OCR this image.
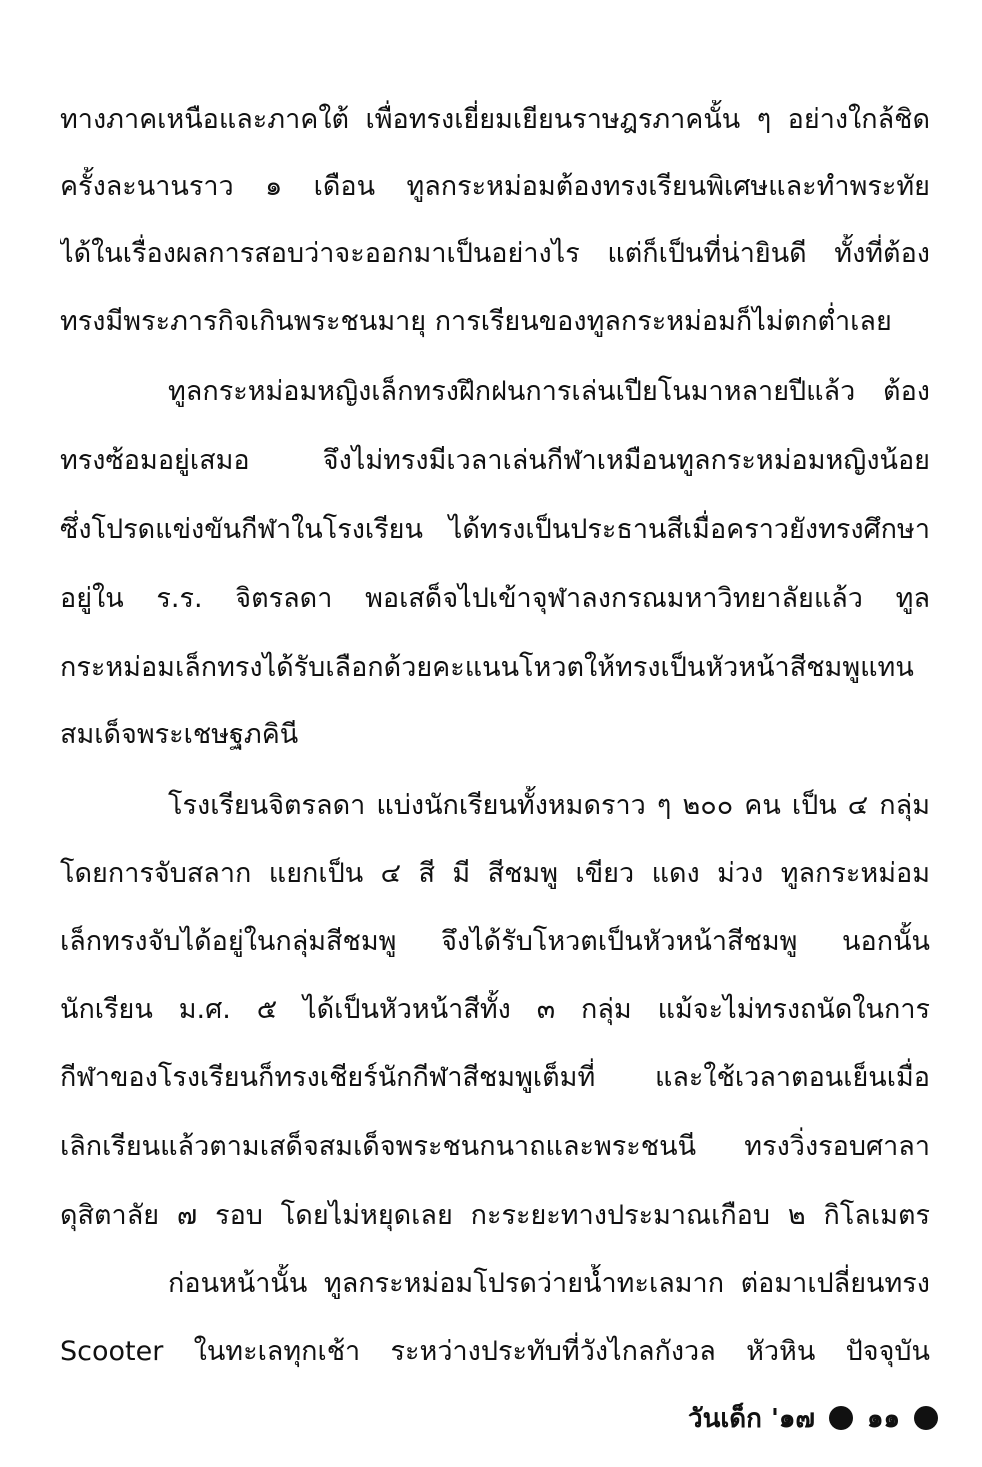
ทางภาคเหนือและภาคใต้ เพื่อทรงเยี่ยมเยียนราษฎรภาคนั้น ๆ อย่างใกล้ชิด
ครั้งละนานราว ๑ เดือน ทูลกระหม่อมต้องทรงเรียนพิเศษและทำพระทัย
ได้ในเรื่องผลการสอบว่าจะออกมาเป็นอย่างไร แต่ก็เป็นที่น่ายินดี ทั้งที่ต้อง
ทรงมีพระภารกิจเกินพระชนมายุ การเรียนของทูลกระหม่อมก็ไม่ตกต่ำเลย
ทูลกระหม่อมหญิงเล็กทรงฝึกฝนการเล่นเปียโนมาหลายปีแล้ว ต้อง
ทรงซ้อมอยู่เสมอ จึงไม่ทรงมีเวลาเล่นกีฬาเหมือนทูลกระหม่อมหญิงน้อย
ซึ่งโปรดแข่งขันกีฬาในโรงเรียน ได้ทรงเป็นประธานสีเมื่อคราวยังทรงศึกษา
อยู่ใน ร.ร. จิตรลดา พอเสด็จไปเข้าจุฬาลงกรณมหาวิทยาลัยแล้ว ทูล
กระหม่อมเล็กทรงได้รับเลือกด้วยคะแนนโหวตให้ทรงเป็นหัวหน้าสีชมพูแทน
สมเด็จพระเชษฐภคินี
โรงเรียนจิตรลดา แบ่งนักเรียนทั้งหมดราว ๆ ๒๐๐ คน เป็น ๔ กลุ่ม
โดยการจับสลาก แยกเป็น ๔ สี มี สีชมพู เขียว แดง ม่วง ทูลกระหม่อม
เล็กทรงจับได้อยู่ในกลุ่มสีชมพู จึงได้รับโหวตเป็นหัวหน้าสีชมพู นอกนั้น
นักเรียน ม.ศ. ๕ ได้เป็นหัวหน้าสีทั้ง ๓ กลุ่ม แม้จะไม่ทรงถนัดในการ
กีฬาของโรงเรียนก็ทรงเชียร์นักกีฬาสีชมพูเต็มที่ และใช้เวลาตอนเย็นเมื่อ
เลิกเรียนแล้วตามเสด็จสมเด็จพระชนกนาถและพระชนนี ทรงวิ่งรอบศาลา
ดุสิตาลัย ๗ รอบ โดยไม่หยุดเลย กะระยะทางประมาณเกือบ ๒ กิโลเมตร
ก่อนหน้านั้น ทูลกระหม่อมโปรดว่ายน้ำทะเลมาก ต่อมาเปลี่ยนทรง
Scooter ในทะเลทุกเช้า ระหว่างประทับที่วังไกลกังวล หัวหิน ปัจจุบัน
วันเด็ก '๑๗ ๑๑
